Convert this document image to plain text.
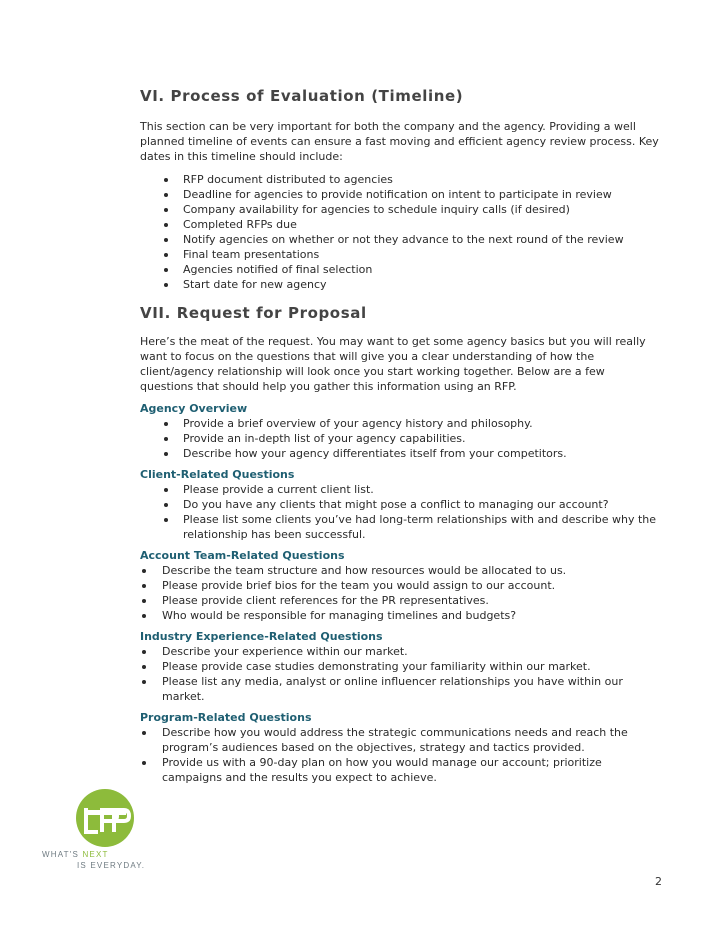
VI. Process of Evaluation (Timeline)

This section can be very important for both the company and the agency. Providing a well planned timeline of events can ensure a fast moving and efficient agency review process. Key dates in this timeline should include:

RFP document distributed to agencies
Deadline for agencies to provide notification on intent to participate in review
Company availability for agencies to schedule inquiry calls (if desired)
Completed RFPs due
Notify agencies on whether or not they advance to the next round of the review
Final team presentations
Agencies notified of final selection
Start date for new agency
VII. Request for Proposal

Here’s the meat of the request. You may want to get some agency basics but you will really want to focus on the questions that will give you a clear understanding of how the client/agency relationship will look once you start working together. Below are a few questions that should help you gather this information using an RFP.

Agency Overview
Provide a brief overview of your agency history and philosophy.
Provide an in-depth list of your agency capabilities.
Describe how your agency differentiates itself from your competitors.
Client-Related Questions
Please provide a current client list.
Do you have any clients that might pose a conflict to managing our account?
Please list some clients you’ve had long-term relationships with and describe why the relationship has been successful.
Account Team-Related Questions
Describe the team structure and how resources would be allocated to us.
Please provide brief bios for the team you would assign to our account.
Please provide client references for the PR representatives.
Who would be responsible for managing timelines and budgets?
Industry Experience-Related Questions
Describe your experience within our market.
Please provide case studies demonstrating your familiarity within our market.
Please list any media, analyst or online influencer relationships you have within our market.
Program-Related Questions
Describe how you would address the strategic communications needs and reach the program’s audiences based on the objectives, strategy and tactics provided.
Provide us with a 90-day plan on how you would manage our account; prioritize campaigns and the results you expect to achieve.
WHAT'S NEXT
IS EVERYDAY.
2
